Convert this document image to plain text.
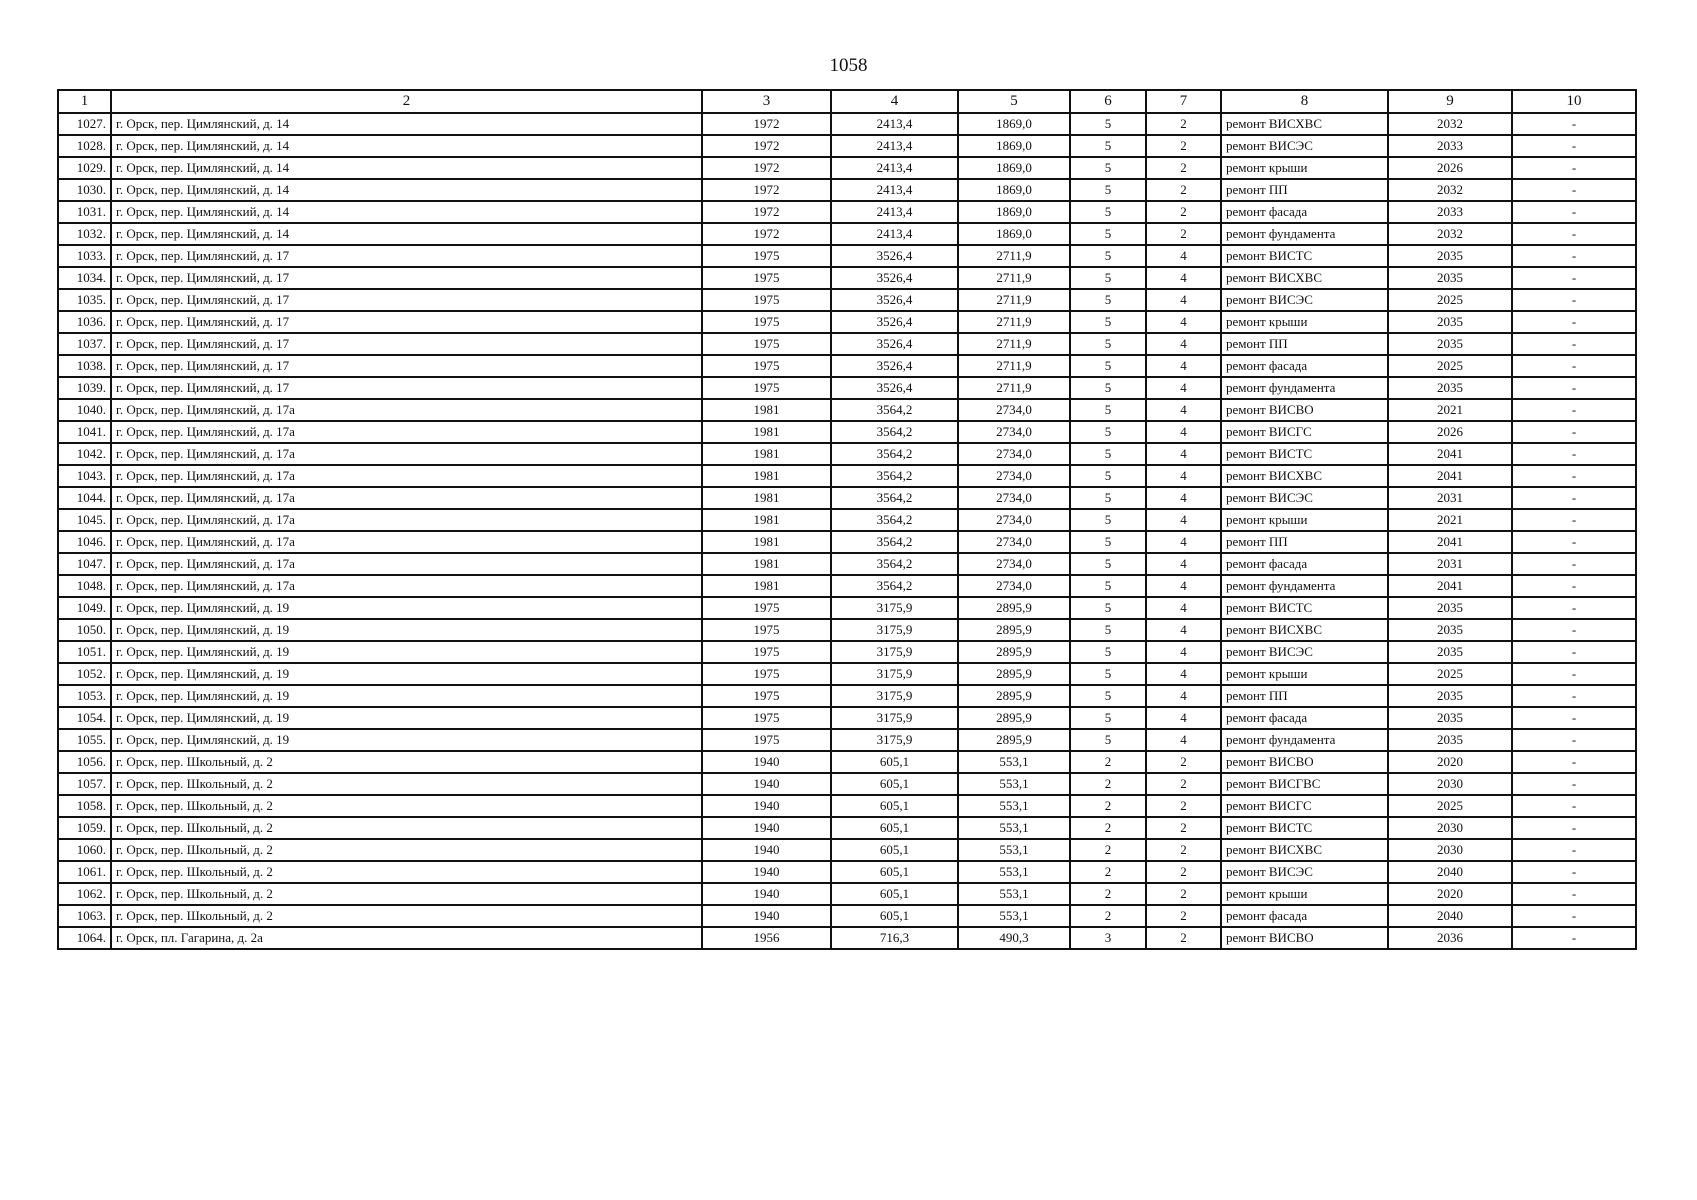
1058
1	2	3	4	5	6	7	8	9	10
1027.	г. Орск, пер. Цимлянский, д. 14	1972	2413,4	1869,0	5	2	ремонт ВИСХВС	2032	-
1028.	г. Орск, пер. Цимлянский, д. 14	1972	2413,4	1869,0	5	2	ремонт ВИСЭС	2033	-
1029.	г. Орск, пер. Цимлянский, д. 14	1972	2413,4	1869,0	5	2	ремонт крыши	2026	-
1030.	г. Орск, пер. Цимлянский, д. 14	1972	2413,4	1869,0	5	2	ремонт ПП	2032	-
1031.	г. Орск, пер. Цимлянский, д. 14	1972	2413,4	1869,0	5	2	ремонт фасада	2033	-
1032.	г. Орск, пер. Цимлянский, д. 14	1972	2413,4	1869,0	5	2	ремонт фундамента	2032	-
1033.	г. Орск, пер. Цимлянский, д. 17	1975	3526,4	2711,9	5	4	ремонт ВИСТС	2035	-
1034.	г. Орск, пер. Цимлянский, д. 17	1975	3526,4	2711,9	5	4	ремонт ВИСХВС	2035	-
1035.	г. Орск, пер. Цимлянский, д. 17	1975	3526,4	2711,9	5	4	ремонт ВИСЭС	2025	-
1036.	г. Орск, пер. Цимлянский, д. 17	1975	3526,4	2711,9	5	4	ремонт крыши	2035	-
1037.	г. Орск, пер. Цимлянский, д. 17	1975	3526,4	2711,9	5	4	ремонт ПП	2035	-
1038.	г. Орск, пер. Цимлянский, д. 17	1975	3526,4	2711,9	5	4	ремонт фасада	2025	-
1039.	г. Орск, пер. Цимлянский, д. 17	1975	3526,4	2711,9	5	4	ремонт фундамента	2035	-
1040.	г. Орск, пер. Цимлянский, д. 17а	1981	3564,2	2734,0	5	4	ремонт ВИСВО	2021	-
1041.	г. Орск, пер. Цимлянский, д. 17а	1981	3564,2	2734,0	5	4	ремонт ВИСГС	2026	-
1042.	г. Орск, пер. Цимлянский, д. 17а	1981	3564,2	2734,0	5	4	ремонт ВИСТС	2041	-
1043.	г. Орск, пер. Цимлянский, д. 17а	1981	3564,2	2734,0	5	4	ремонт ВИСХВС	2041	-
1044.	г. Орск, пер. Цимлянский, д. 17а	1981	3564,2	2734,0	5	4	ремонт ВИСЭС	2031	-
1045.	г. Орск, пер. Цимлянский, д. 17а	1981	3564,2	2734,0	5	4	ремонт крыши	2021	-
1046.	г. Орск, пер. Цимлянский, д. 17а	1981	3564,2	2734,0	5	4	ремонт ПП	2041	-
1047.	г. Орск, пер. Цимлянский, д. 17а	1981	3564,2	2734,0	5	4	ремонт фасада	2031	-
1048.	г. Орск, пер. Цимлянский, д. 17а	1981	3564,2	2734,0	5	4	ремонт фундамента	2041	-
1049.	г. Орск, пер. Цимлянский, д. 19	1975	3175,9	2895,9	5	4	ремонт ВИСТС	2035	-
1050.	г. Орск, пер. Цимлянский, д. 19	1975	3175,9	2895,9	5	4	ремонт ВИСХВС	2035	-
1051.	г. Орск, пер. Цимлянский, д. 19	1975	3175,9	2895,9	5	4	ремонт ВИСЭС	2035	-
1052.	г. Орск, пер. Цимлянский, д. 19	1975	3175,9	2895,9	5	4	ремонт крыши	2025	-
1053.	г. Орск, пер. Цимлянский, д. 19	1975	3175,9	2895,9	5	4	ремонт ПП	2035	-
1054.	г. Орск, пер. Цимлянский, д. 19	1975	3175,9	2895,9	5	4	ремонт фасада	2035	-
1055.	г. Орск, пер. Цимлянский, д. 19	1975	3175,9	2895,9	5	4	ремонт фундамента	2035	-
1056.	г. Орск, пер. Школьный, д. 2	1940	605,1	553,1	2	2	ремонт ВИСВО	2020	-
1057.	г. Орск, пер. Школьный, д. 2	1940	605,1	553,1	2	2	ремонт ВИСГВС	2030	-
1058.	г. Орск, пер. Школьный, д. 2	1940	605,1	553,1	2	2	ремонт ВИСГС	2025	-
1059.	г. Орск, пер. Школьный, д. 2	1940	605,1	553,1	2	2	ремонт ВИСТС	2030	-
1060.	г. Орск, пер. Школьный, д. 2	1940	605,1	553,1	2	2	ремонт ВИСХВС	2030	-
1061.	г. Орск, пер. Школьный, д. 2	1940	605,1	553,1	2	2	ремонт ВИСЭС	2040	-
1062.	г. Орск, пер. Школьный, д. 2	1940	605,1	553,1	2	2	ремонт крыши	2020	-
1063.	г. Орск, пер. Школьный, д. 2	1940	605,1	553,1	2	2	ремонт фасада	2040	-
1064.	г. Орск, пл. Гагарина, д. 2а	1956	716,3	490,3	3	2	ремонт ВИСВО	2036	-
